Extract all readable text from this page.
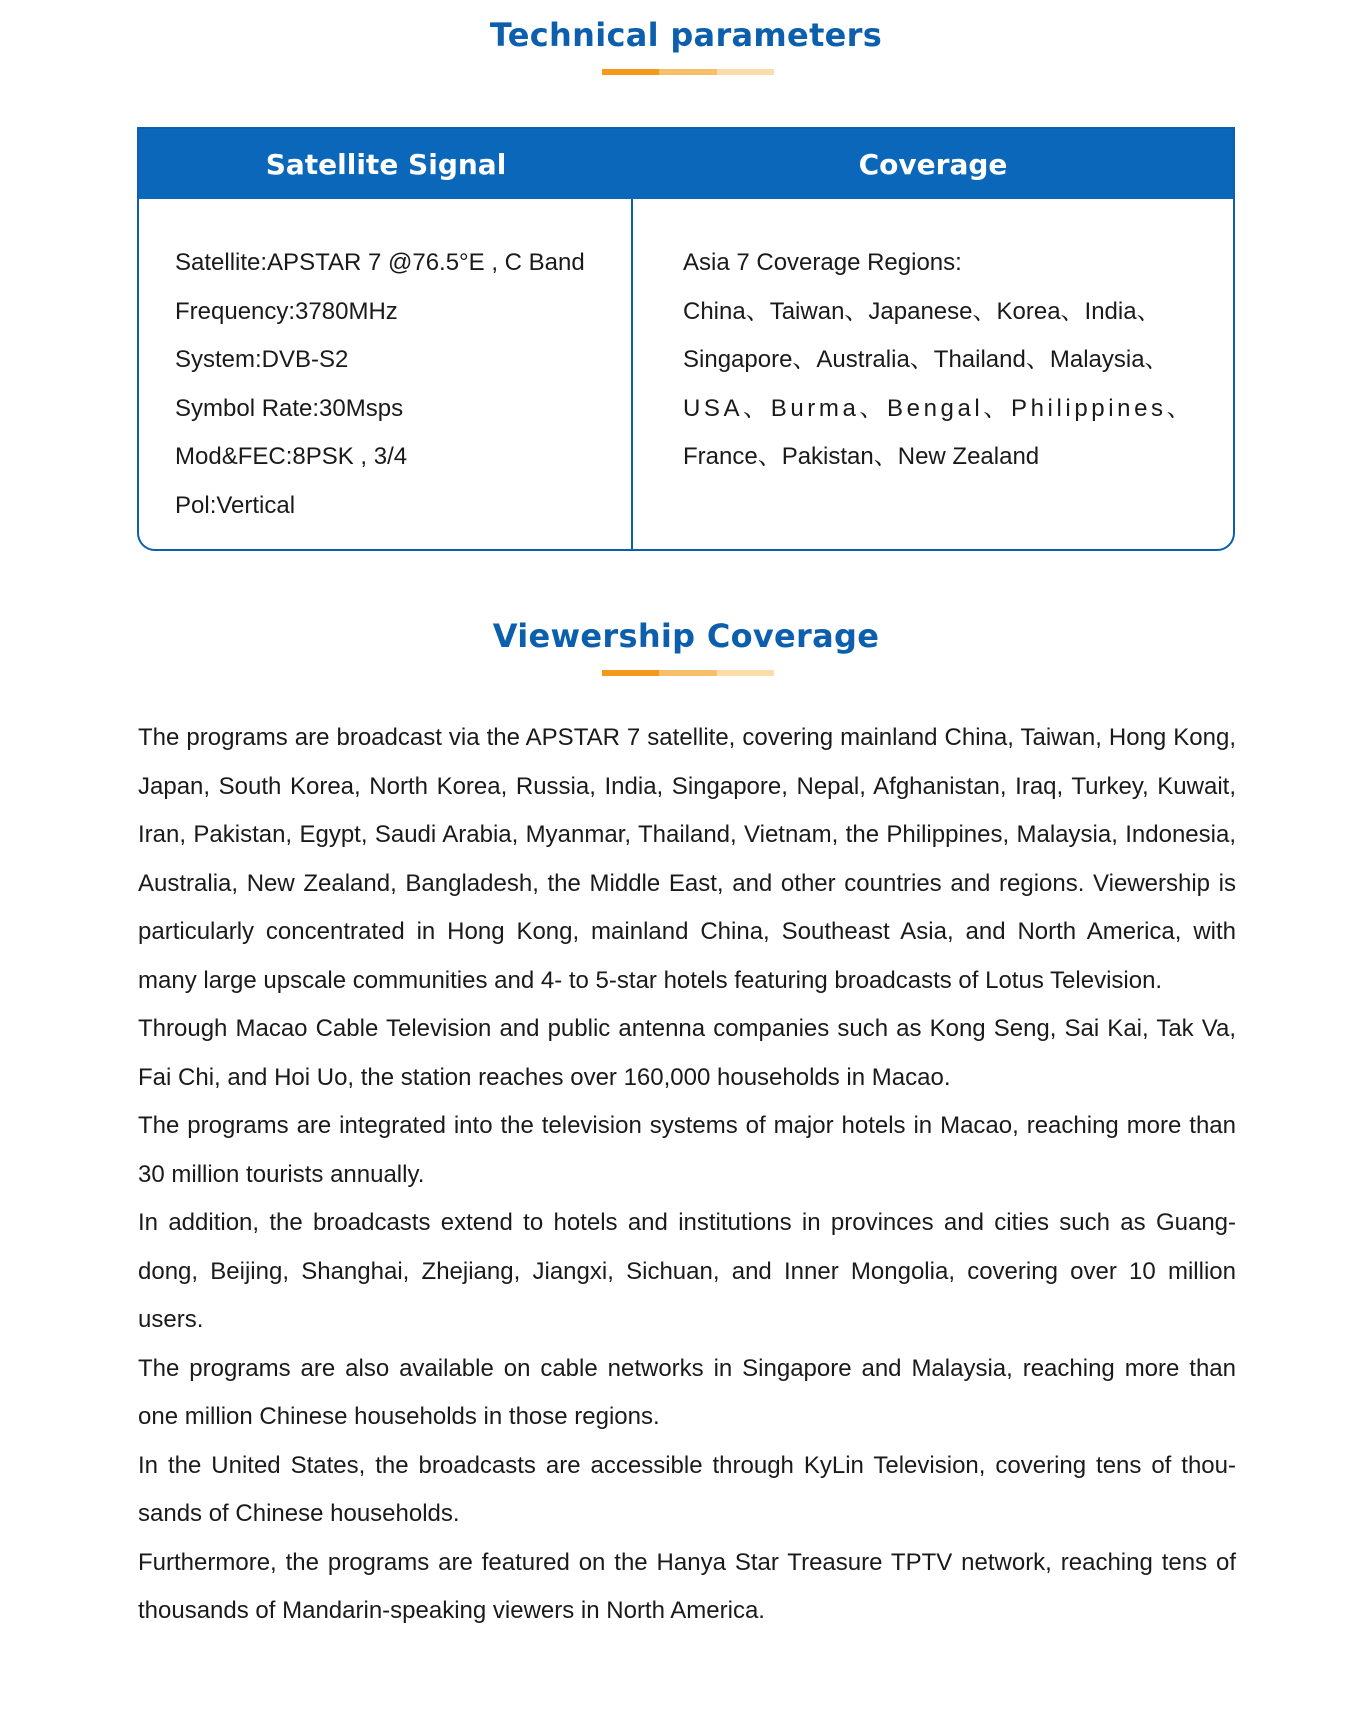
Technical parameters
Satellite Signal	Coverage
Satellite:APSTAR 7 @76.5°E , C Band
Frequency:3780MHz
System:DVB-S2
Symbol Rate:30Msps
Mod&FEC:8PSK , 3/4
Pol:Vertical
Asia 7 Coverage Regions:
China、Taiwan、Japanese、Korea、India、
Singapore、Australia、Thailand、Malaysia、
USA、Burma、Bengal、Philippines、
France、Pakistan、New Zealand
Viewership Coverage

The programs are broadcast via the APSTAR 7 satellite, covering mainland China, Taiwan, Hong Kong, Japan, South Korea, North Korea, Russia, India, Singapore, Nepal, Afghanistan, Iraq, Turkey, Kuwait, Iran, Pakistan, Egypt, Saudi Arabia, Myanmar, Thailand, Vietnam, the Philippines, Malaysia, Indonesia, Australia, New Zealand, Bangladesh, the Middle East, and other countries and regions. Viewership is particularly concentrated in Hong Kong, mainland China, Southeast Asia, and North America, with many large upscale communities and 4- to 5-star hotels featuring broadcasts of Lotus Television.

Through Macao Cable Television and public antenna companies such as Kong Seng, Sai Kai, Tak Va, Fai Chi, and Hoi Uo, the station reaches over 160,000 households in Macao.

The programs are integrated into the television systems of major hotels in Macao, reaching more than 30 million tourists annually.

In addition, the broadcasts extend to hotels and institutions in provinces and cities such as Guang-dong, Beijing, Shanghai, Zhejiang, Jiangxi, Sichuan, and Inner Mongolia, covering over 10 million users.

The programs are also available on cable networks in Singapore and Malaysia, reaching more than one million Chinese households in those regions.

In the United States, the broadcasts are accessible through KyLin Television, covering tens of thou-sands of Chinese households.

Furthermore, the programs are featured on the Hanya Star Treasure TPTV network, reaching tens of thousands of Mandarin-speaking viewers in North America.
